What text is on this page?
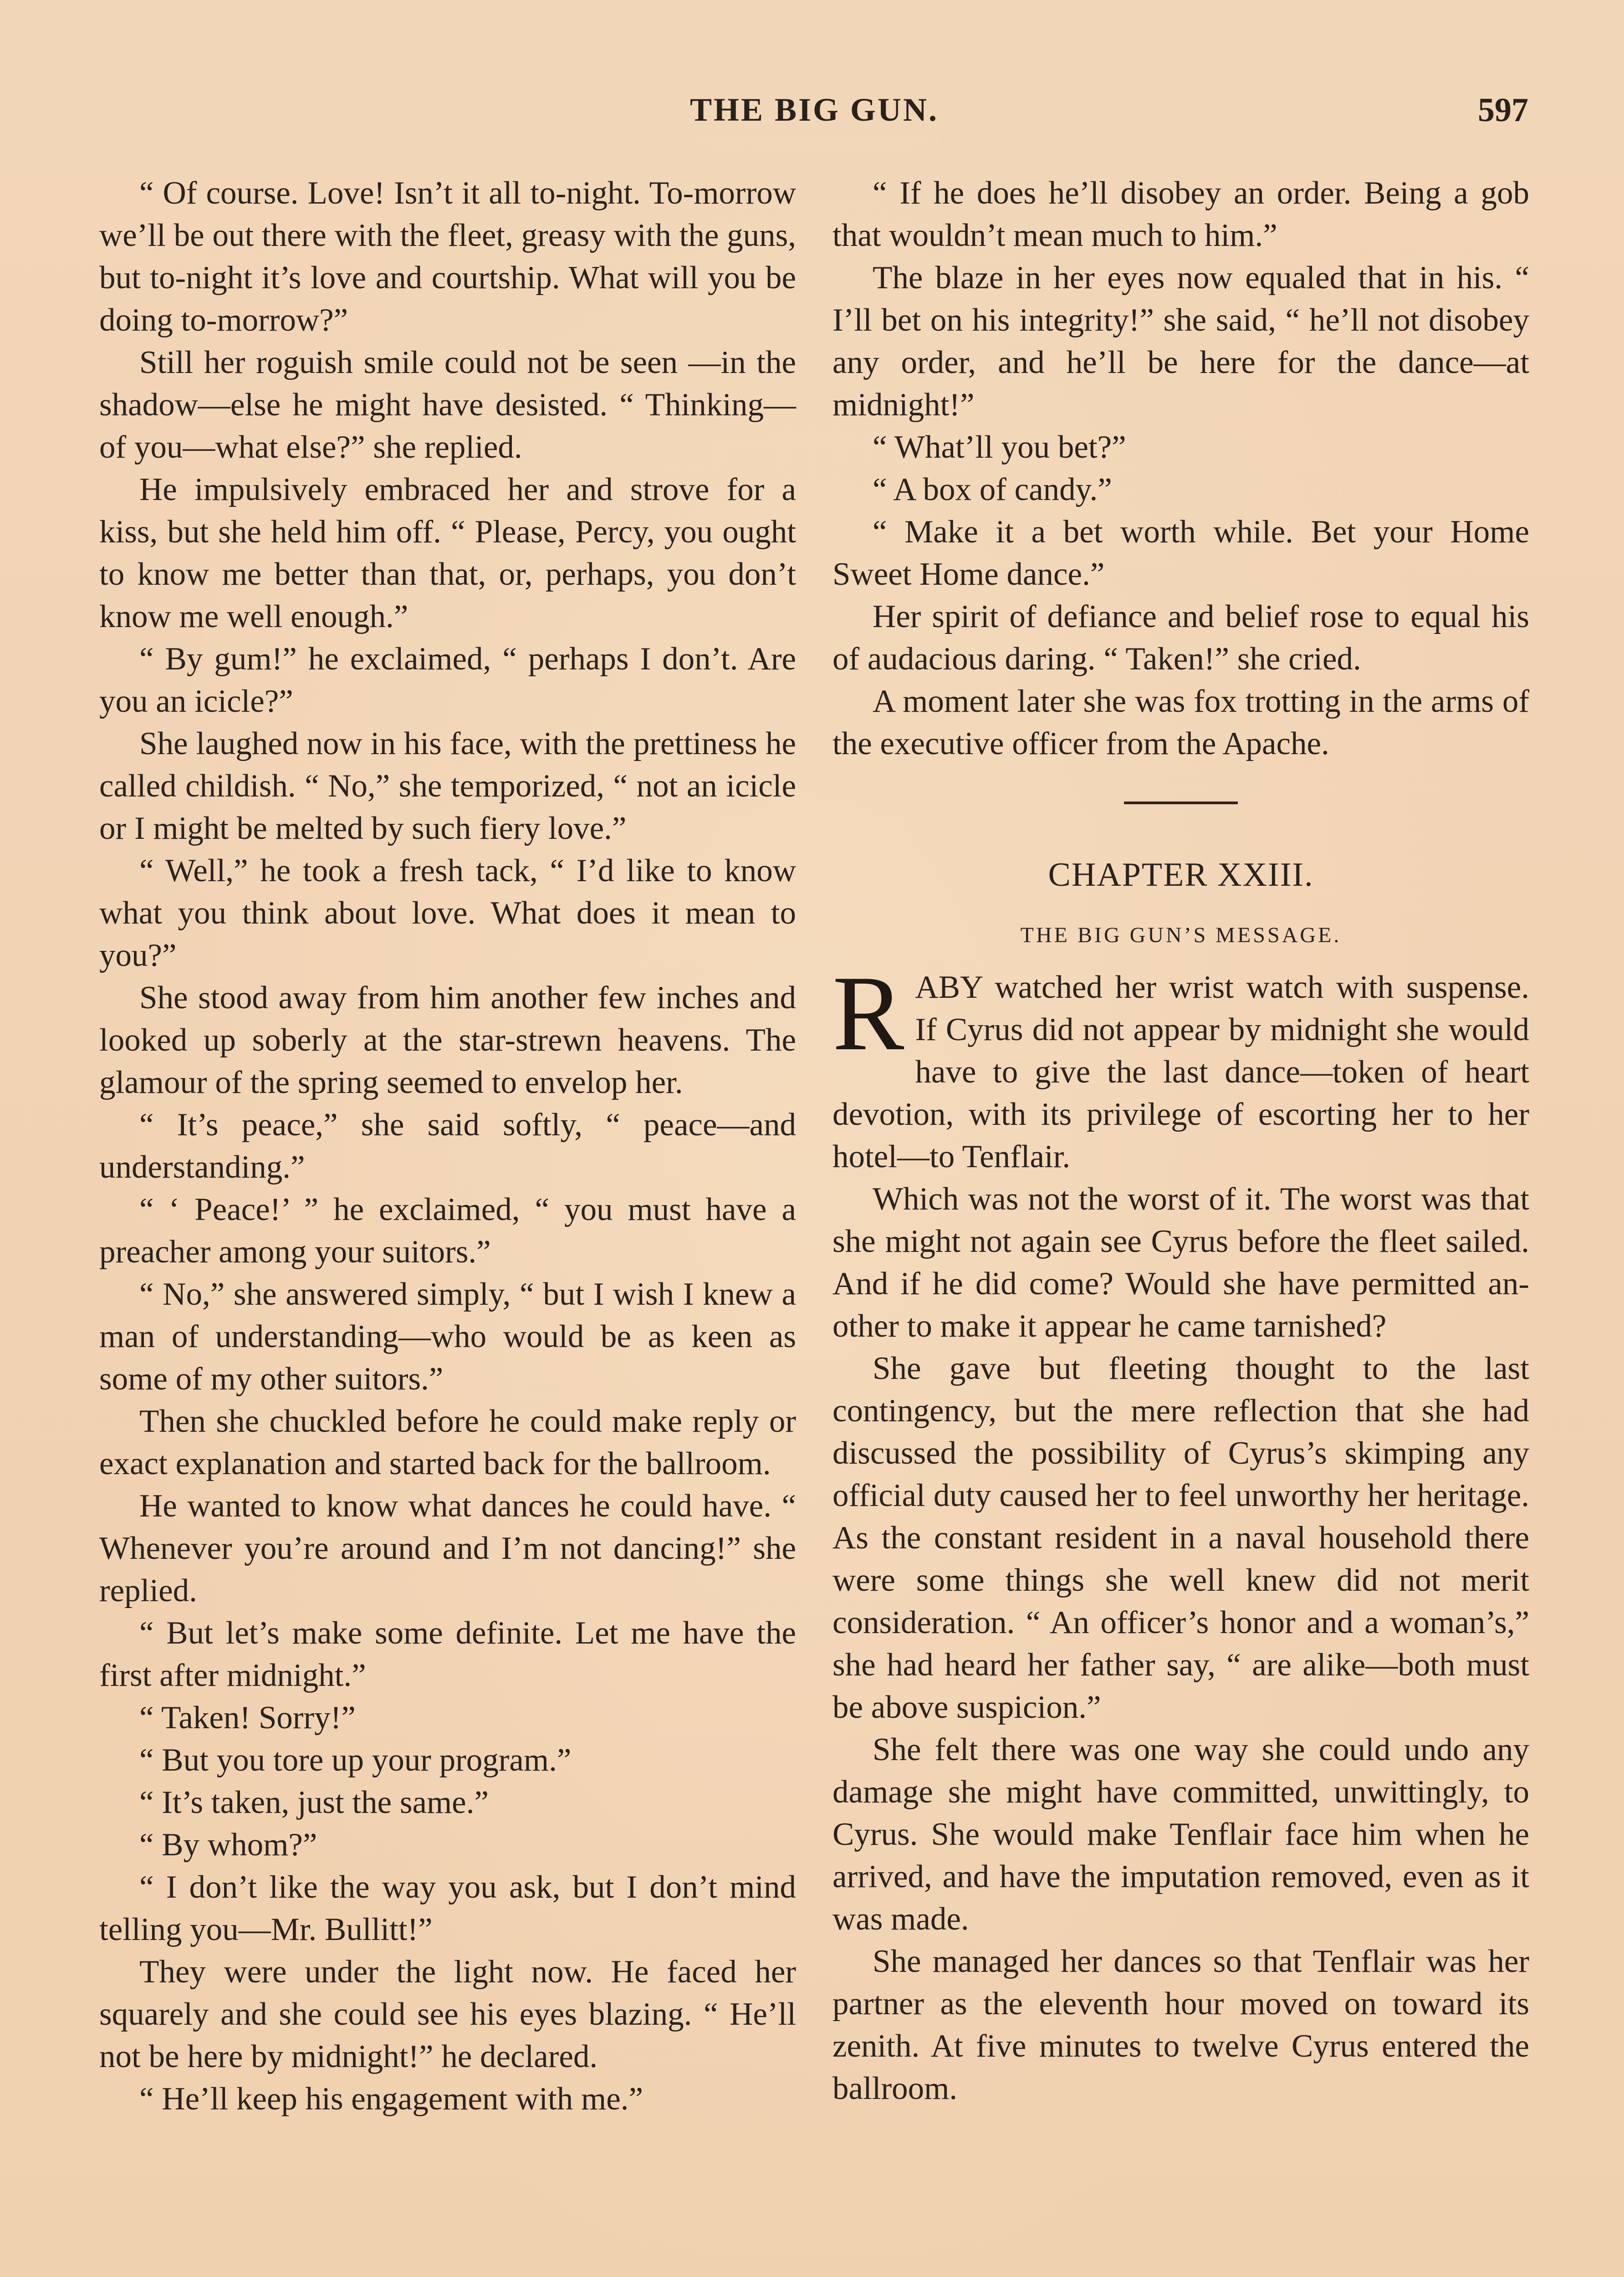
THE BIG GUN.	597

“ Of course. Love! Isn’t it all to-night. To-morrow we’ll be out there with the fleet, greasy with the guns, but to-night it’s love and courtship. What will you be doing to-morrow?”

Still her roguish smile could not be seen —in the shadow—else he might have desisted. “ Thinking—of you—what else?” she replied.

He impulsively embraced her and strove for a kiss, but she held him off. “ Please, Percy, you ought to know me better than that, or, perhaps, you don’t know me well enough.”

“ By gum!” he exclaimed, “ perhaps I don’t. Are you an icicle?”

She laughed now in his face, with the prettiness he called childish. “ No,” she temporized, “ not an icicle or I might be melted by such fiery love.”

“ Well,” he took a fresh tack, “ I’d like to know what you think about love. What does it mean to you?”

She stood away from him another few inches and looked up soberly at the star-strewn heavens. The glamour of the spring seemed to envelop her.

“ It’s peace,” she said softly, “ peace—and understanding.”

“ ‘ Peace!’ ” he exclaimed, “ you must have a preacher among your suitors.”

“ No,” she answered simply, “ but I wish I knew a man of understanding—who would be as keen as some of my other suitors.”

Then she chuckled before he could make reply or exact explanation and started back for the ballroom.

He wanted to know what dances he could have. “ Whenever you’re around and I’m not dancing!” she replied.

“ But let’s make some definite. Let me have the first after midnight.”

“ Taken! Sorry!”

“ But you tore up your program.”

“ It’s taken, just the same.”

“ By whom?”

“ I don’t like the way you ask, but I don’t mind telling you—Mr. Bullitt!”

They were under the light now. He faced her squarely and she could see his eyes blazing. “ He’ll not be here by midnight!” he declared.

“ He’ll keep his engagement with me.”

“ If he does he’ll disobey an order. Being a gob that wouldn’t mean much to him.”

The blaze in her eyes now equaled that in his. “ I’ll bet on his integrity!” she said, “ he’ll not disobey any order, and he’ll be here for the dance—at midnight!”

“ What’ll you bet?”

“ A box of candy.”

“ Make it a bet worth while. Bet your Home Sweet Home dance.”

Her spirit of defiance and belief rose to equal his of audacious daring. “ Taken!” she cried.

A moment later she was fox trotting in the arms of the executive officer from the Apache.

CHAPTER XXIII.
THE BIG GUN’S MESSAGE.

RABY watched her wrist watch with suspense. If Cyrus did not appear by midnight she would have to give the last dance—token of heart devotion, with its privilege of escorting her to her hotel—to Tenflair.

Which was not the worst of it. The worst was that she might not again see Cyrus before the fleet sailed. And if he did come? Would she have permitted another to make it appear he came tarnished?

She gave but fleeting thought to the last contingency, but the mere reflection that she had discussed the possibility of Cyrus’s skimping any official duty caused her to feel unworthy her heritage. As the constant resident in a naval household there were some things she well knew did not merit consideration. “ An officer’s honor and a woman’s,” she had heard her father say, “ are alike—both must be above suspicion.”

She felt there was one way she could undo any damage she might have committed, unwittingly, to Cyrus. She would make Tenflair face him when he arrived, and have the imputation removed, even as it was made.

She managed her dances so that Tenflair was her partner as the eleventh hour moved on toward its zenith. At five minutes to twelve Cyrus entered the ballroom.
